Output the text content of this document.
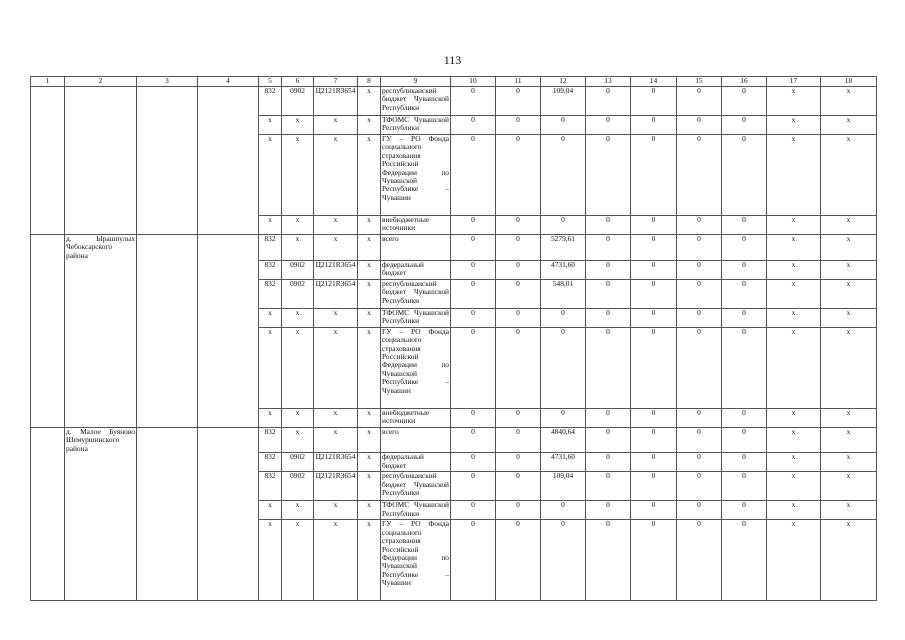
113
1	2	3	4	5	6	7	8	9	10	11	12	13	14	15	16	17	18
				832	0902	Ц2121R3654	x	республиканский бюджет Чувашской Республики	0	0	109,04	0	0	0	0	x	x
				x	x	x	x	ТФОМС Чувашской Республики	0	0	0	0	0	0	0	x	x
				x	x	x	x	ГУ – РО Фонда социального страхования Российской Федерации по Чувашской Республике – Чувашии	0	0	0	0	0	0	0	x	x
				x	x	x	x	внебюджетные источники	0	0	0	0	0	0	0	x	x
	д. Ырашпулых Чебоксарского района			832	x	x	x	всего	0	0	5279,61	0	0	0	0	x	x
				832	0902	Ц2121R3654	x	федеральный бюджет	0	0	4731,60	0	0	0	0	x	x
				832	0902	Ц2121R3654	x	республиканский бюджет Чувашской Республики	0	0	548,01	0	0	0	0	x	x
				x	x	x	x	ТФОМС Чувашской Республики	0	0	0	0	0	0	0	x	x
				x	x	x	x	ГУ – РО Фонда социального страхования Российской Федерации по Чувашской Республике – Чувашии	0	0	0	0	0	0	0	x	x
				x	x	x	x	внебюджетные источники	0	0	0	0	0	0	0	x	x
	д. Малое Буяново Шемуршинского района			832	x	x	x	всего	0	0	4840,64	0	0	0	0	x	x
				832	0902	Ц2121R3654	x	федеральный бюджет	0	0	4731,60	0	0	0	0	x	x
				832	0902	Ц2121R3654	x	республиканский бюджет Чувашской Республики	0	0	109,04	0	0	0	0	x	x
				x	x	x	x	ТФОМС Чувашской Республики	0	0	0	0	0	0	0	x	x
				x	x	x	x	ГУ – РО Фонда социального страхования Российской Федерации по Чувашской Республике – Чувашии	0	0	0	0	0	0	0	x	x
